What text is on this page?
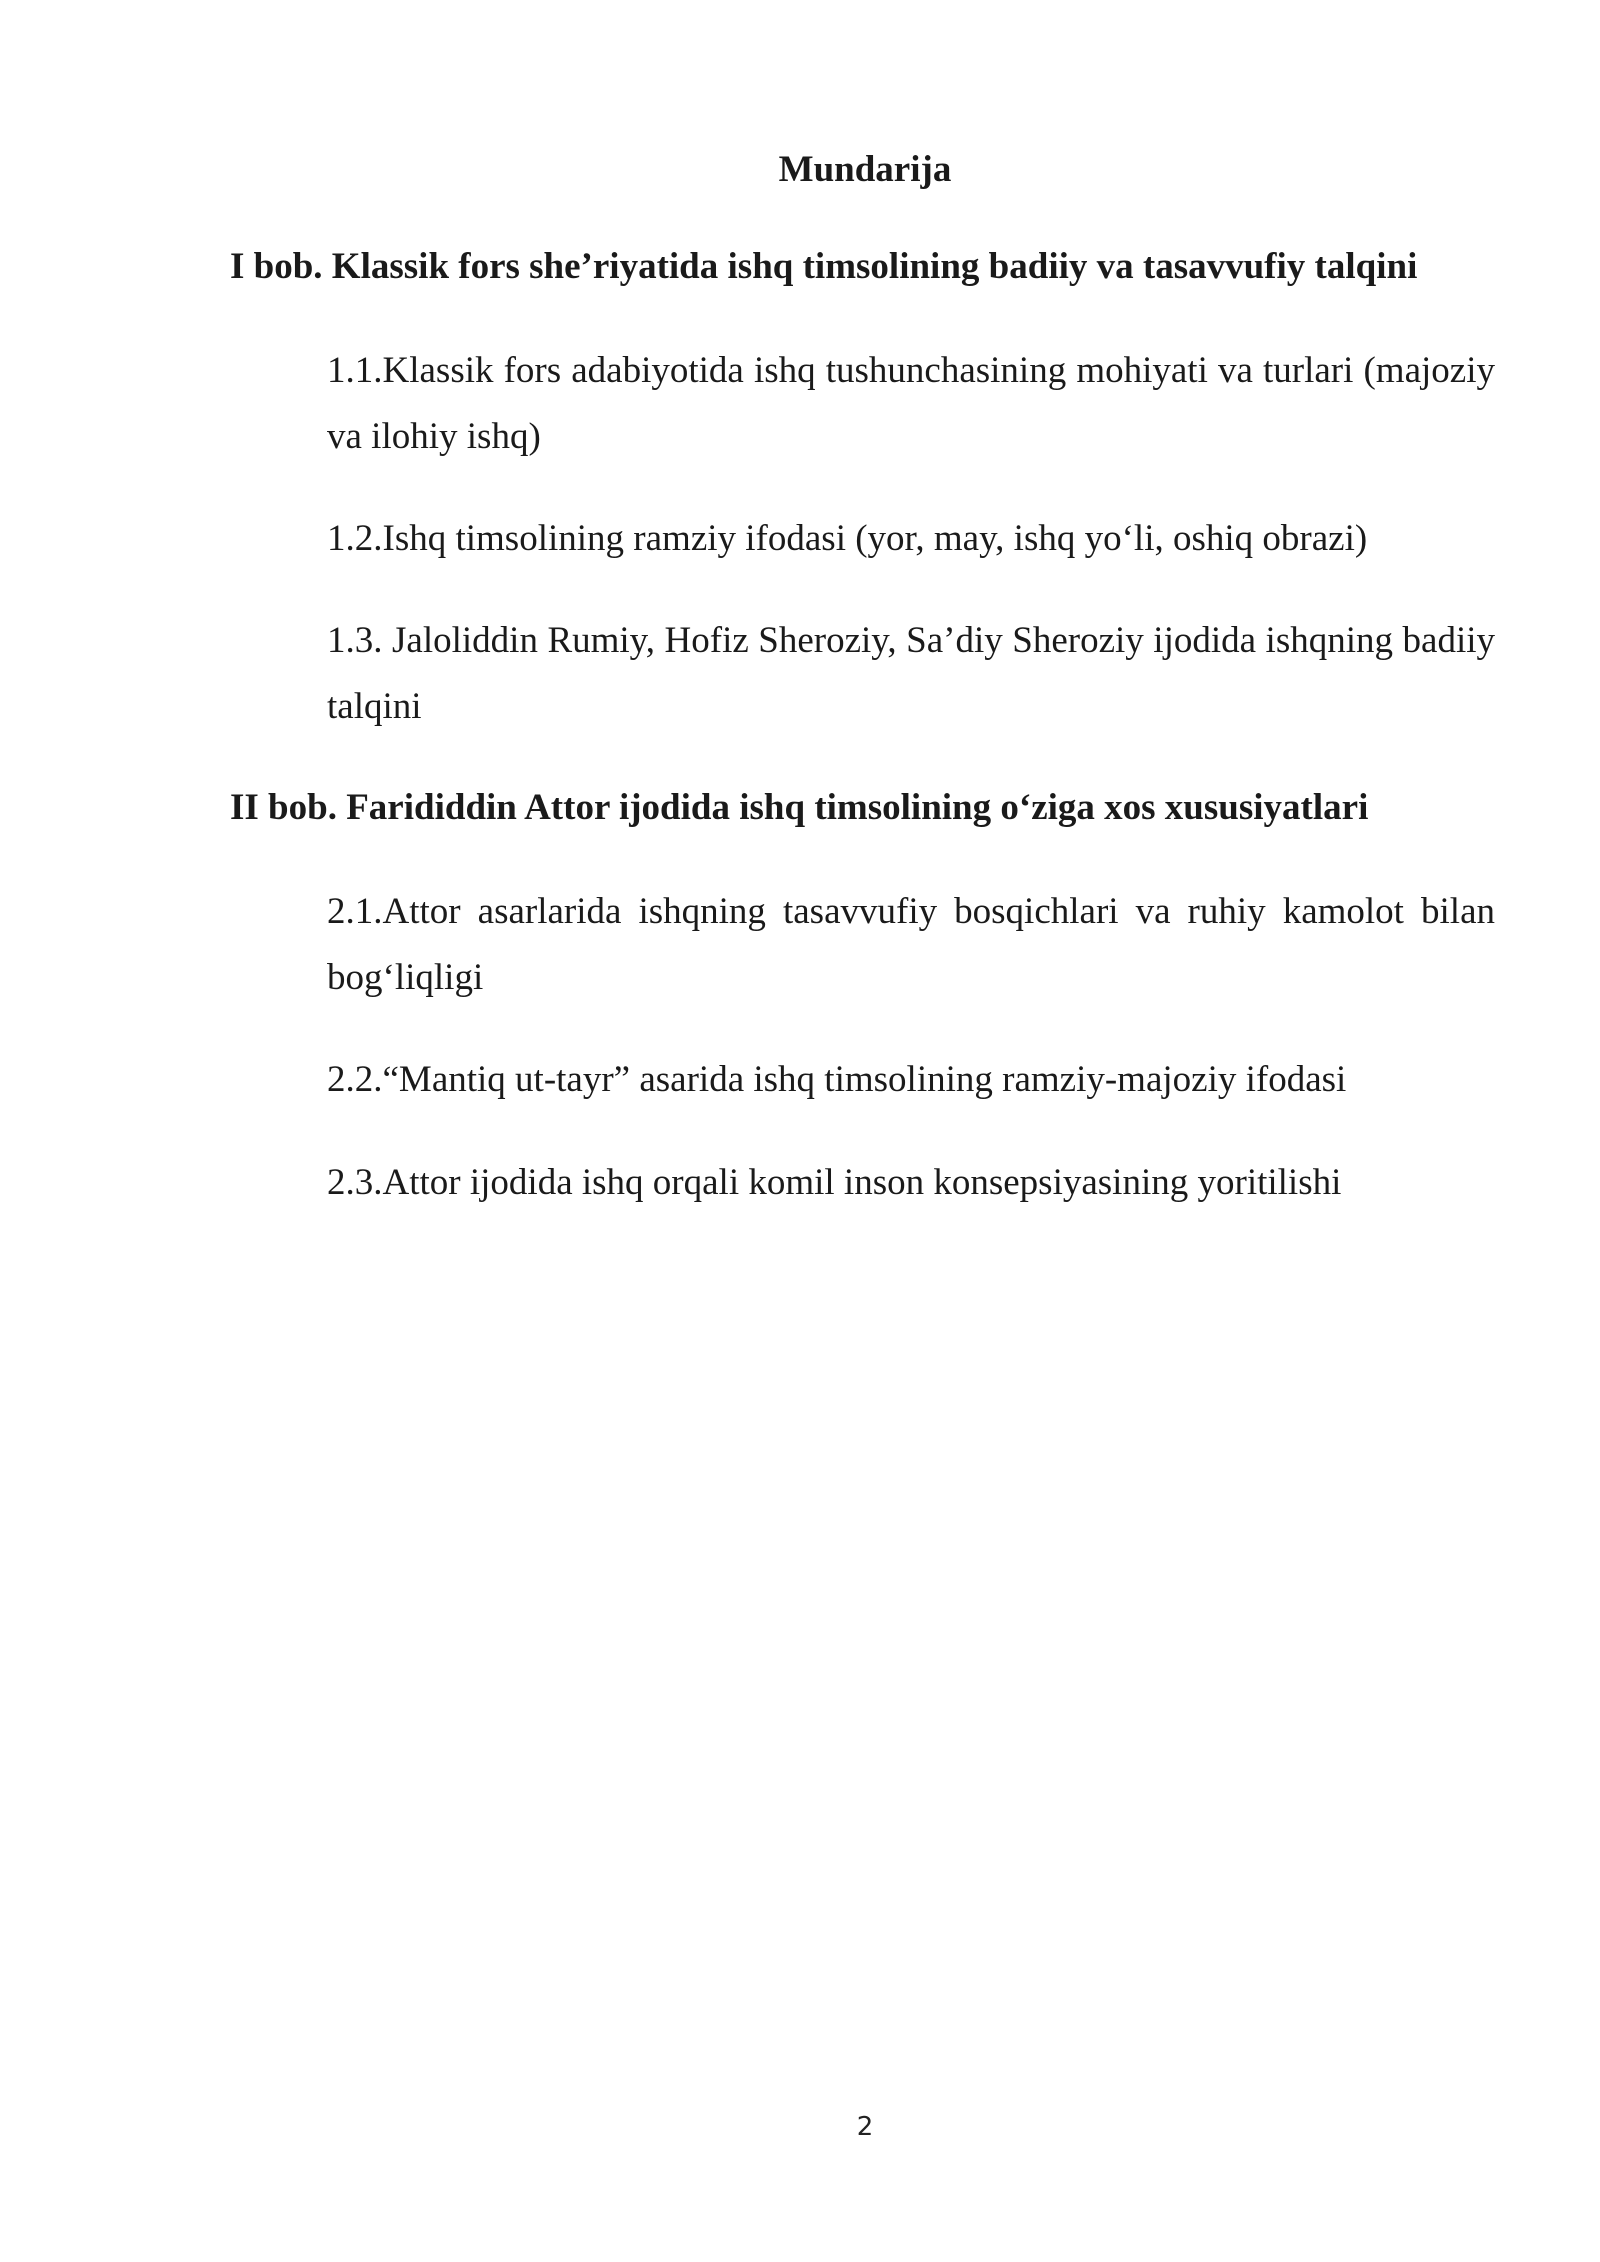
Mundarija
I bob. Klassik fors she’riyatida ishq timsolining badiiy va tasavvufiy talqini

1.1.Klassik fors adabiyotida ishq tushunchasining mohiyati va turlari (majoziy va ilohiy ishq)

1.2.Ishq timsolining ramziy ifodasi (yor, may, ishq yo‘li, oshiq obrazi)

1.3. Jaloliddin Rumiy, Hofiz Sheroziy, Sa’diy Sheroziy ijodida ishqning badiiy talqini

II bob. Farididdin Attor ijodida ishq timsolining o‘ziga xos xususiyatlari

2.1.Attor asarlarida ishqning tasavvufiy bosqichlari va ruhiy kamolot bilan bog‘liqligi

2.2.“Mantiq ut-tayr” asarida ishq timsolining ramziy-majoziy ifodasi

2.3.Attor ijodida ishq orqali komil inson konsepsiyasining yoritilishi

2
